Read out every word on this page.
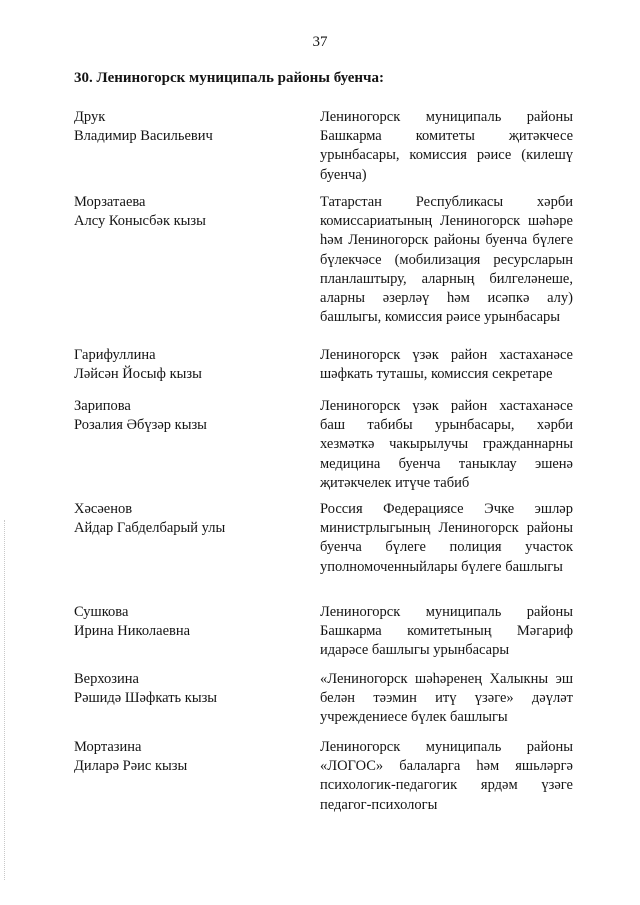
37
30. Лениногорск муниципаль районы буенча:
Друк
Владимир Васильевич
Лениногорск муниципаль районы Башкарма комитеты җитәкчесе урынбасары, комиссия рәисе (килешү буенча)
Морзатаева
Алсу Конысбәк кызы
Татарстан Республикасы хәрби комиссариатының Лениногорск шәһәре һәм Лениногорск районы буенча бүлеге бүлекчәсе (мобилизация ресурсларын планлаштыру, аларның билгеләнеше, аларны әзерләү һәм исәпкә алу) башлыгы, комиссия рәисе урынбасары
Гарифуллина
Ләйсән Йосыф кызы
Лениногорск үзәк район хастаханәсе шәфкать туташы, комиссия секретаре
Зарипова
Розалия Әбүзәр кызы
Лениногорск үзәк район хастаханәсе баш табибы урынбасары, хәрби хезмәткә чакырылучы гражданнарны медицина буенча таныклау эшенә җитәкчелек итүче табиб
Хәсәенов
Айдар Габделбарый улы
Россия Федерациясе Эчке эшләр министрлыгының Лениногорск районы буенча бүлеге полиция участок уполномоченныйлары бүлеге башлыгы
Сушкова
Ирина Николаевна
Лениногорск муниципаль районы Башкарма комитетының Мәгариф идарәсе башлыгы урынбасары
Верхозина
Рәшидә Шәфкать кызы
«Лениногорск шәһәренең Халыкны эш белән тәэмин итү үзәге» дәүләт учреждениесе бүлек башлыгы
Мортазина
Диларә Рәис кызы
Лениногорск муниципаль районы «ЛОГОС» балаларга һәм яшьләргә психологик-педагогик ярдәм үзәге педагог-психологы
